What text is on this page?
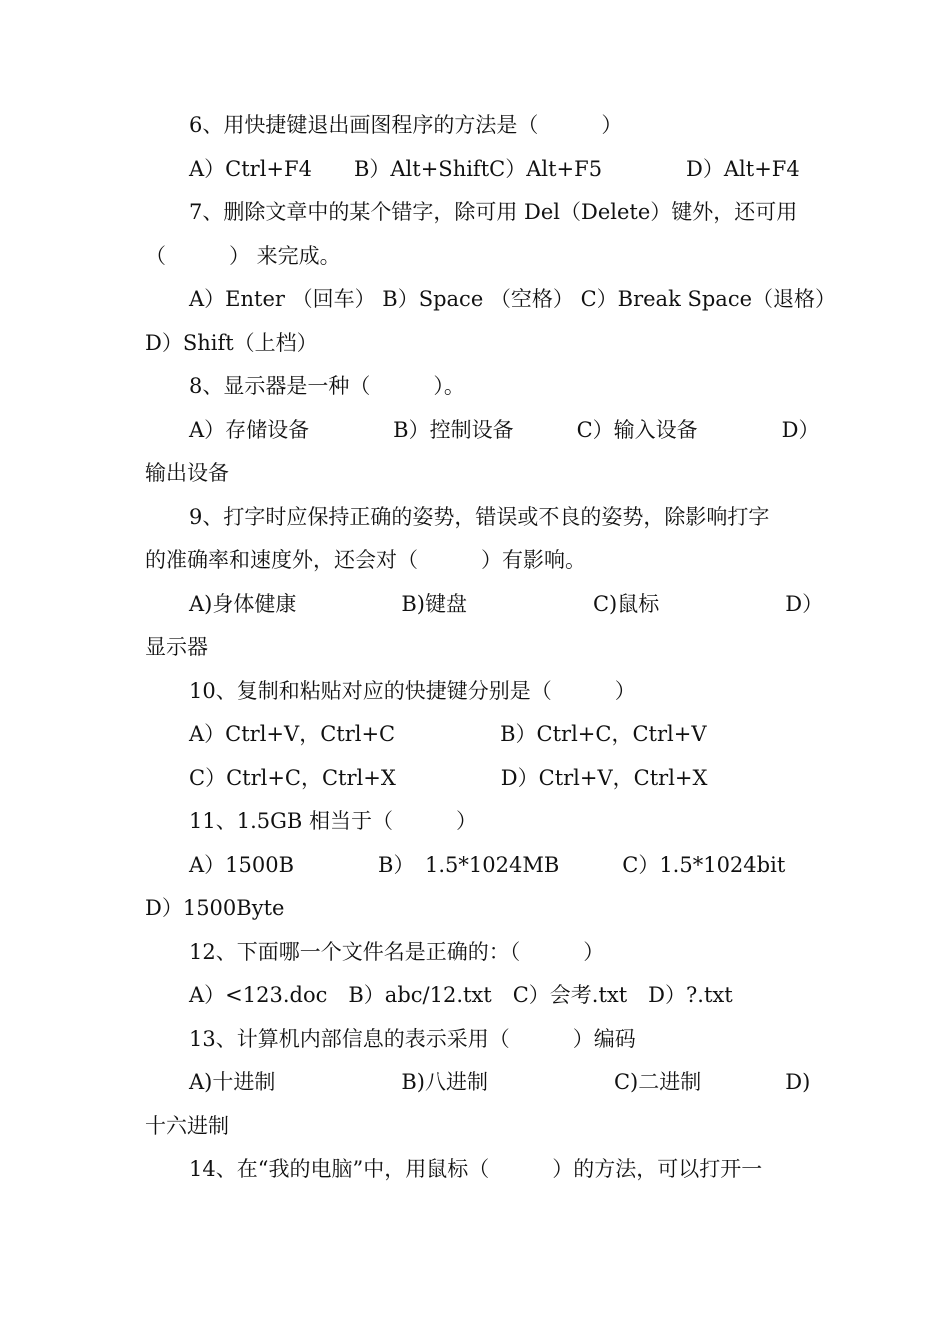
6、用快捷键退出画图程序的方法是（　　　）
A）Ctrl+F4　　B）Alt+ShiftC）Alt+F5　　　　D）Alt+F4
7、删除文章中的某个错字，除可用 Del（Delete）键外，还可用
（　　　） 来完成。
A）Enter （回车） B）Space （空格） C）Break Space（退格）
D）Shift（上档）
8、显示器是一种（　　　）。
A）存储设备　　　　B）控制设备　　　C）输入设备　　　　D）
输出设备
9、打字时应保持正确的姿势，错误或不良的姿势，除影响打字
的准确率和速度外，还会对（　　　）有影响。
A)身体健康　　　　　B)键盘　　　　　　C)鼠标　　　　　　D）
显示器
10、复制和粘贴对应的快捷键分别是（　　　）
A）Ctrl+V，Ctrl+C　　　　　B）Ctrl+C，Ctrl+V
C）Ctrl+C，Ctrl+X　　　　　D）Ctrl+V，Ctrl+X
11、1.5GB 相当于（　　　）
A）1500B　　　　B）　1.5*1024MB　　　C）1.5*1024bit
D）1500Byte
12、下面哪一个文件名是正确的：（　　　）
A）<123.doc　B）abc/12.txt　C）会考.txt　D）?.txt
13、计算机内部信息的表示采用（　　　）编码
A)十进制　　　　　　B)八进制　　　　　　C)二进制　　　　D)
十六进制
14、在“我的电脑”中，用鼠标（　　　）的方法，可以打开一
